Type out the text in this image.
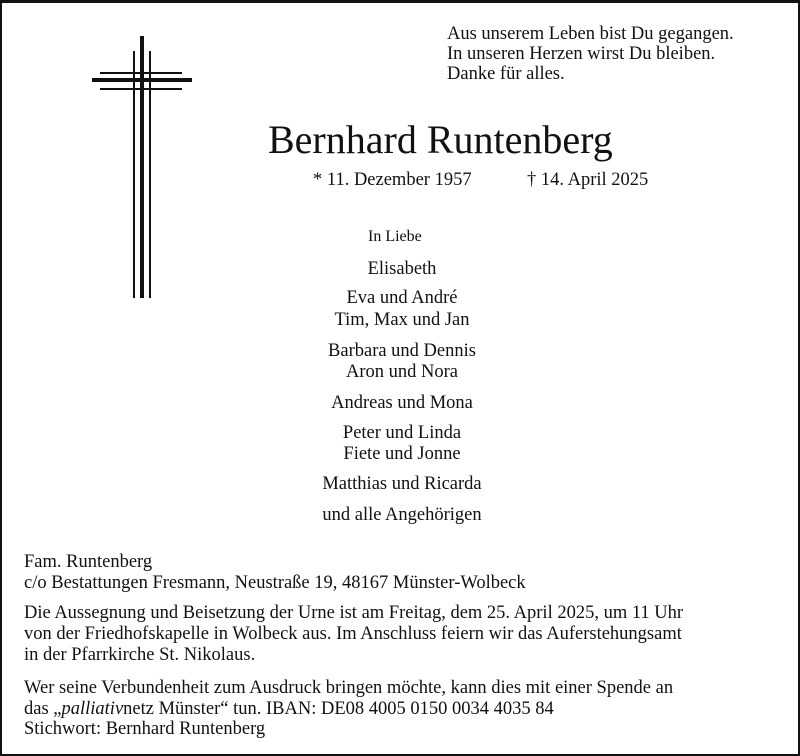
Aus unserem Leben bist Du gegangen.
In unseren Herzen wirst Du bleiben.
Danke für alles.
Bernhard Runtenberg
* 11. Dezember 1957	† 14. April 2025
In Liebe
Elisabeth
Eva und André
Tim, Max und Jan
Barbara und Dennis
Aron und Nora
Andreas und Mona
Peter und Linda
Fiete und Jonne
Matthias und Ricarda
und alle Angehörigen
Fam. Runtenberg
c/o Bestattungen Fresmann, Neustraße 19, 48167 Münster-Wolbeck
Die Aussegnung und Beisetzung der Urne ist am Freitag, dem 25. April 2025, um 11 Uhr
von der Friedhofskapelle in Wolbeck aus. Im Anschluss feiern wir das Auferstehungsamt
in der Pfarrkirche St. Nikolaus.
Wer seine Verbundenheit zum Ausdruck bringen möchte, kann dies mit einer Spende an
das „palliativnetz Münster“ tun. IBAN: DE08 4005 0150 0034 4035 84
Stichwort: Bernhard Runtenberg
